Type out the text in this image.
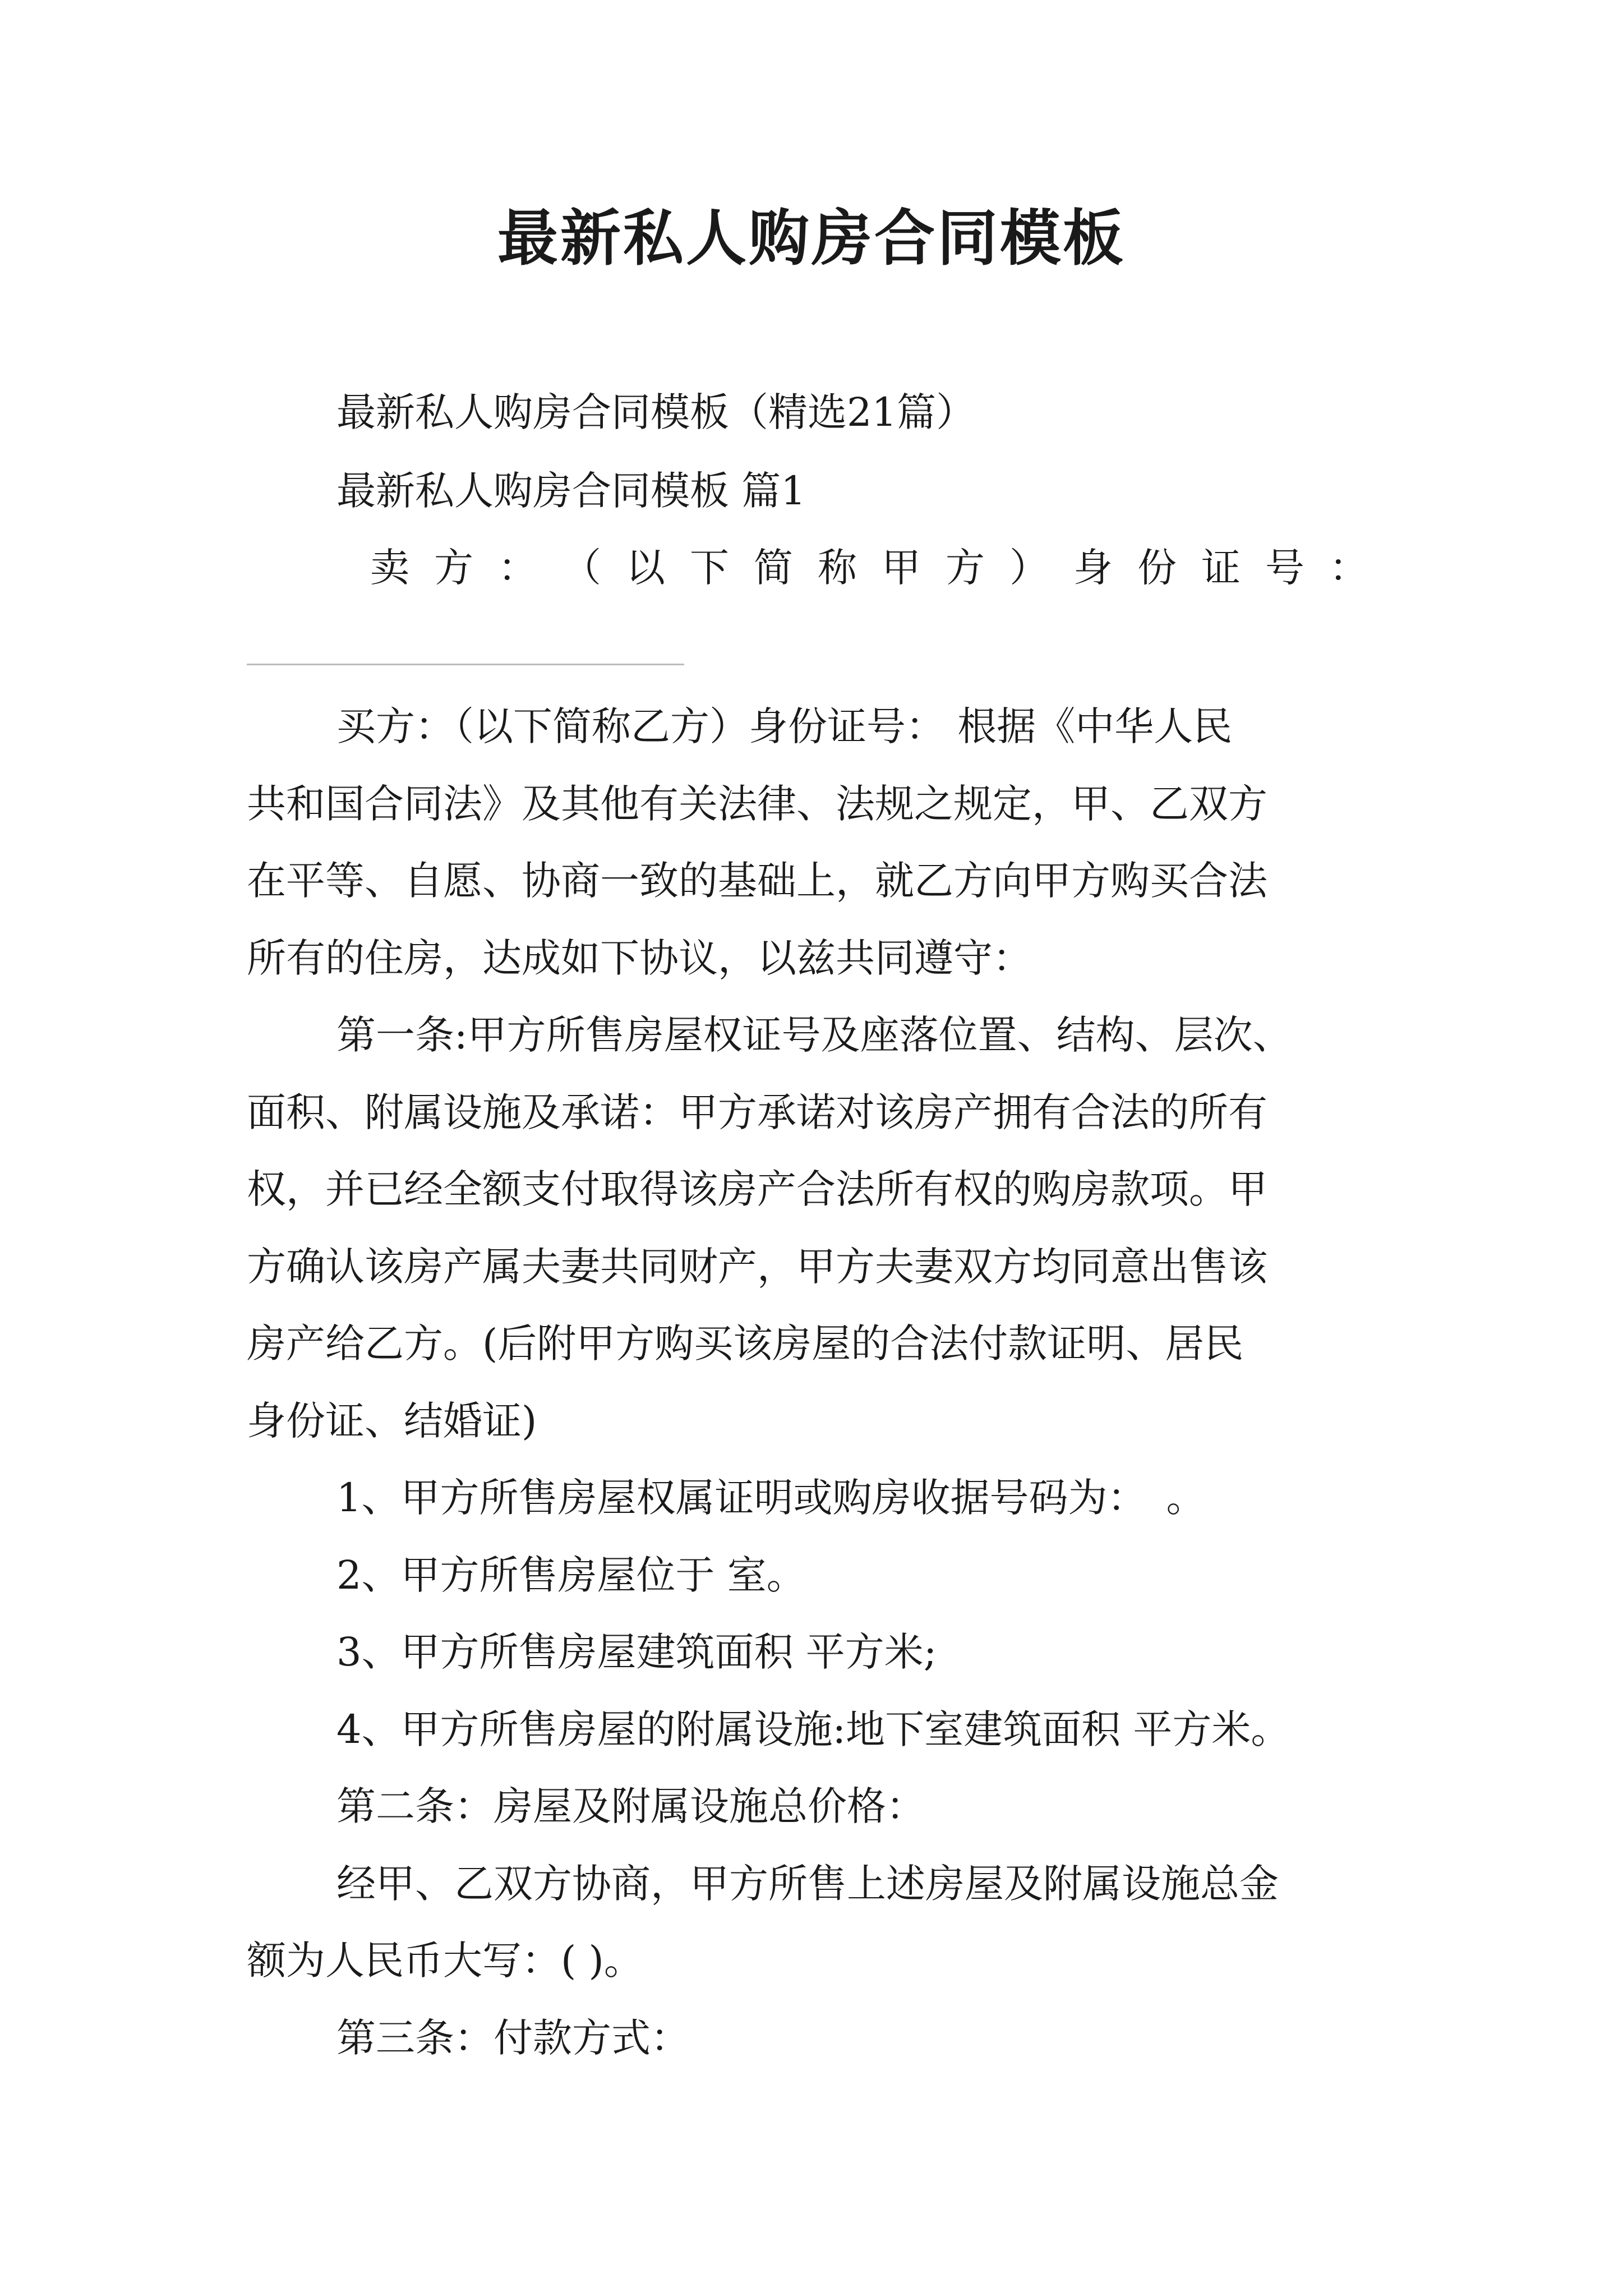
最新私人购房合同模板

最新私人购房合同模板（精选21篇）

最新私人购房合同模板 篇1

卖 方 ： （ 以 下 简 称 甲 方 ） 身 份 证 号 ：

买方：（以下简称乙方）身份证号： 根据《中华人民

共和国合同法》及其他有关法律、法规之规定，甲、乙双方

在平等、自愿、协商一致的基础上，就乙方向甲方购买合法

所有的住房，达成如下协议，以兹共同遵守：

第一条:甲方所售房屋权证号及座落位置、结构、层次、

面积、附属设施及承诺：甲方承诺对该房产拥有合法的所有

权，并已经全额支付取得该房产合法所有权的购房款项。甲

方确认该房产属夫妻共同财产，甲方夫妻双方均同意出售该

房产给乙方。(后附甲方购买该房屋的合法付款证明、居民

身份证、结婚证)

1、甲方所售房屋权属证明或购房收据号码为：　。

2、甲方所售房屋位于 室。

3、甲方所售房屋建筑面积 平方米;

4、甲方所售房屋的附属设施:地下室建筑面积 平方米。

第二条：房屋及附属设施总价格：

经甲、乙双方协商，甲方所售上述房屋及附属设施总金

额为人民币大写：( )。

第三条：付款方式：
